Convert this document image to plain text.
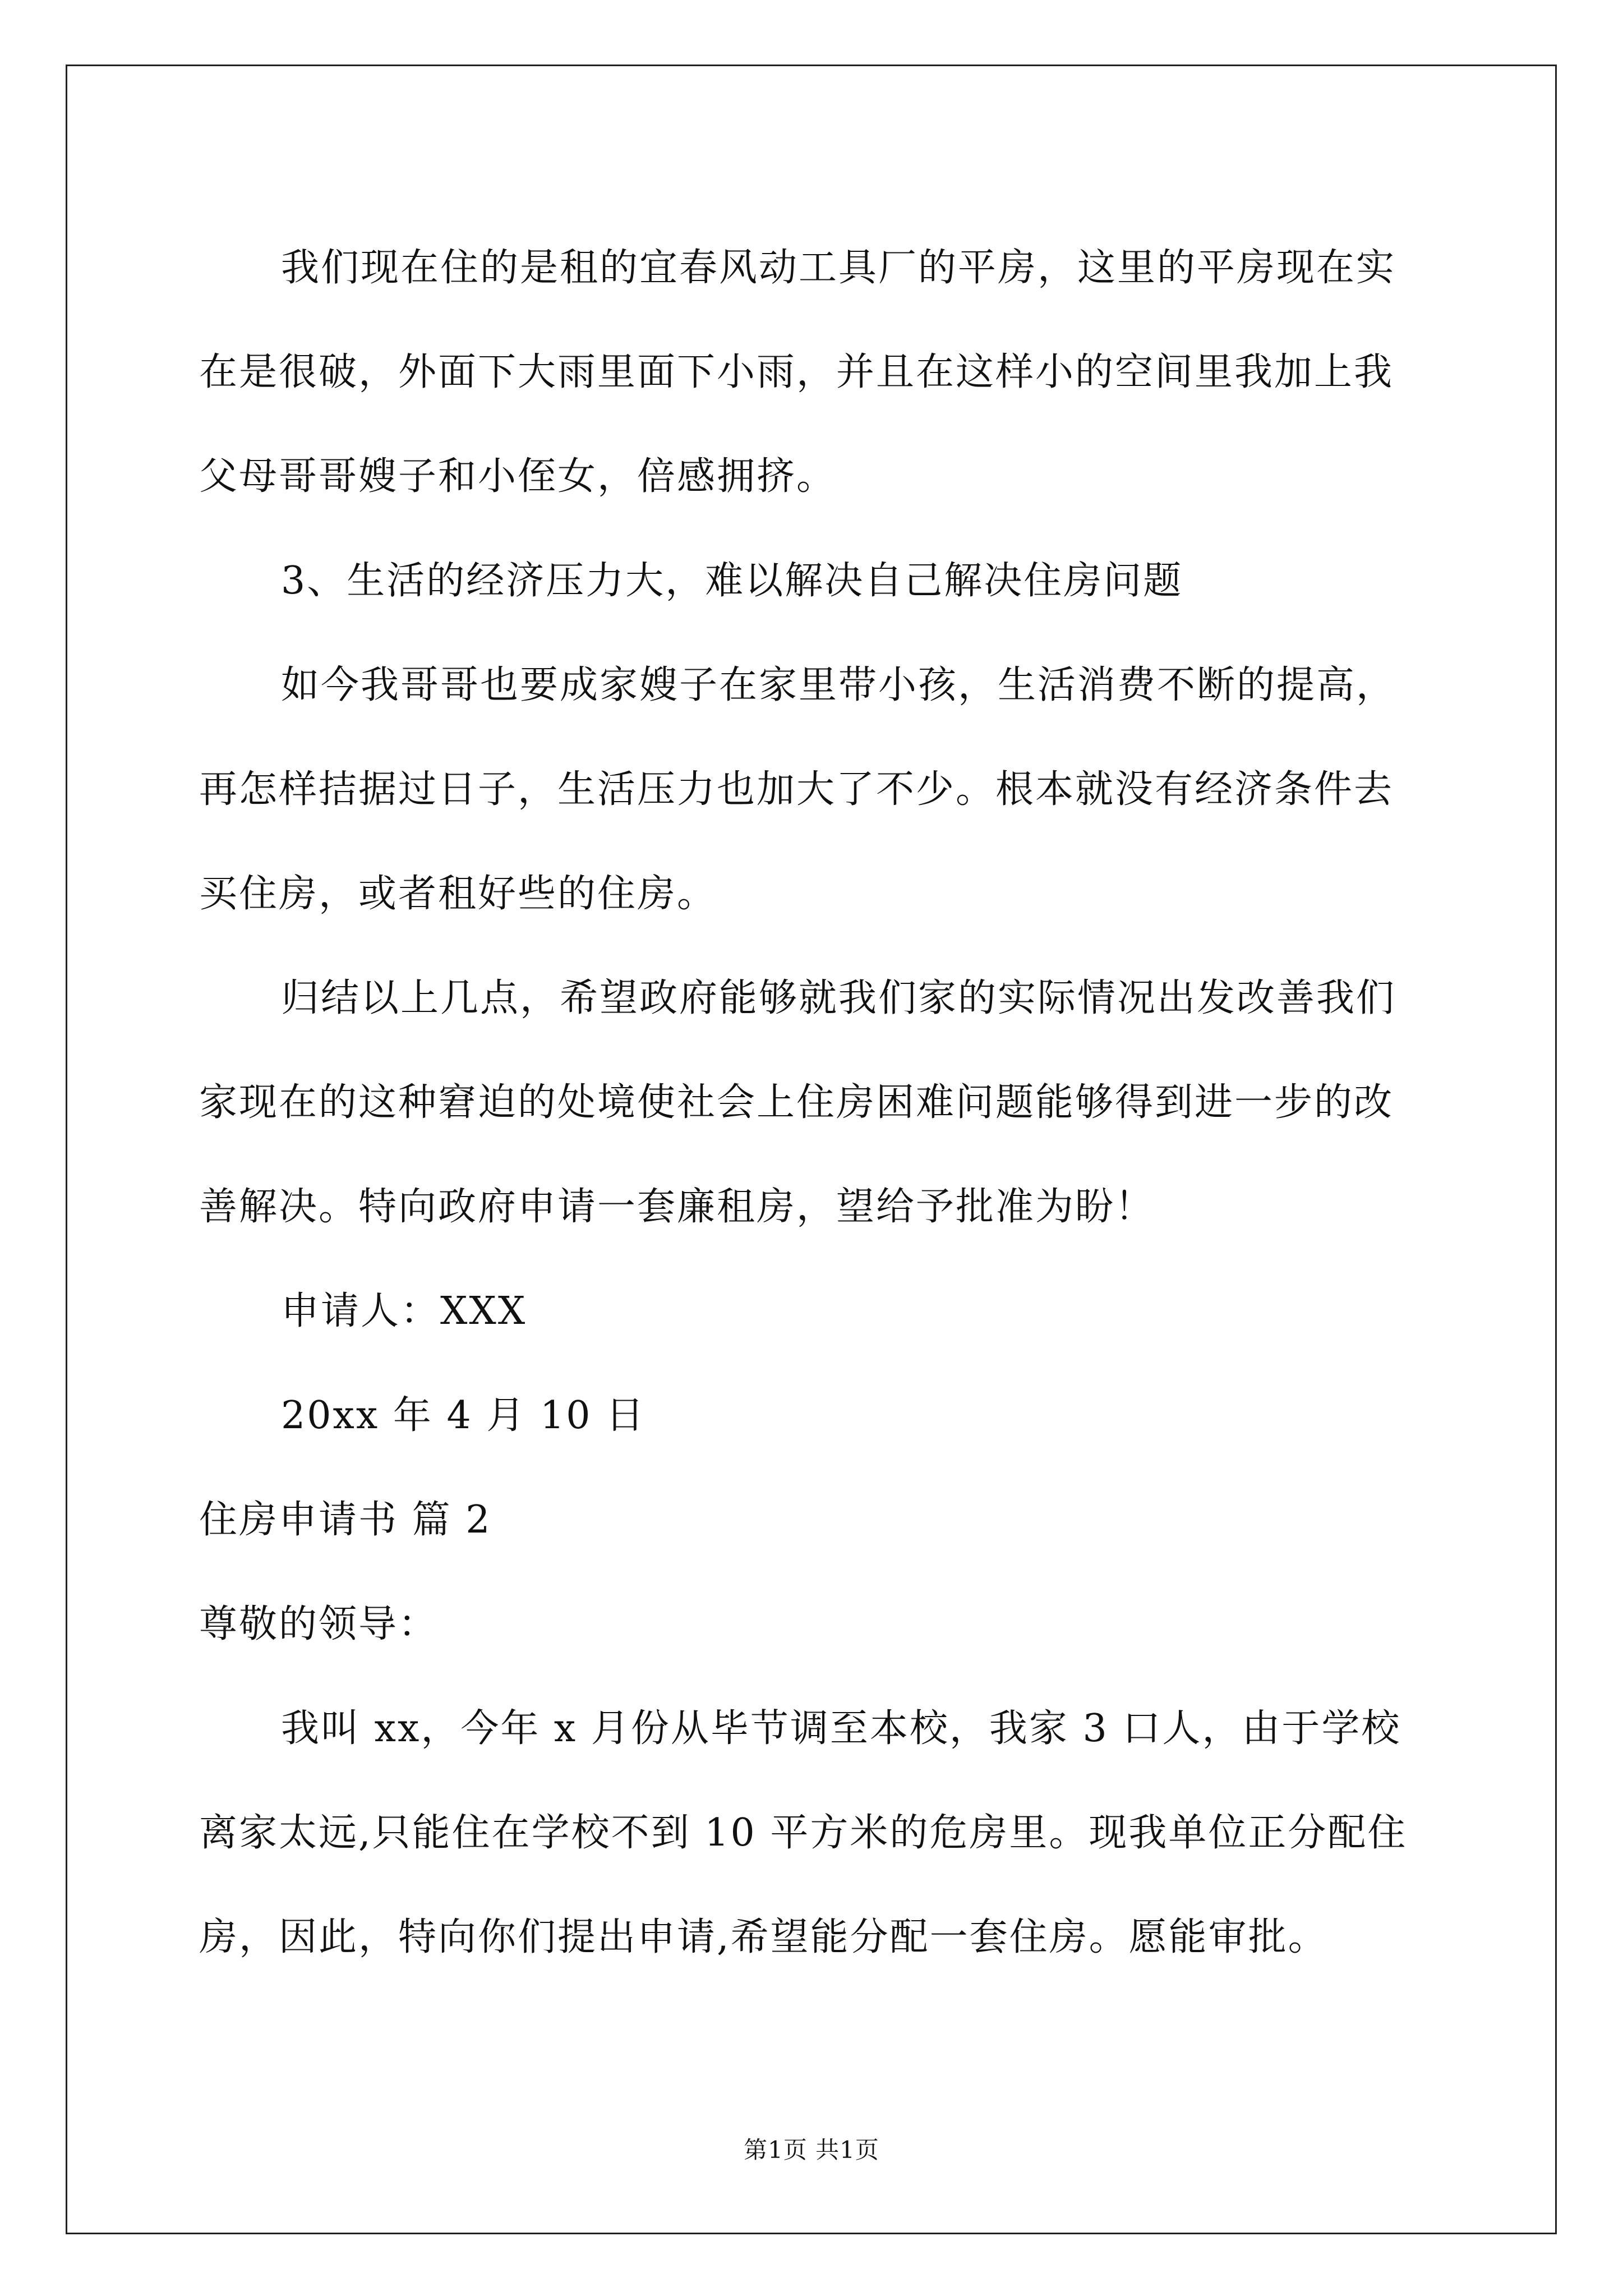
我们现在住的是租的宜春风动工具厂的平房，这里的平房现在实在是很破，外面下大雨里面下小雨，并且在这样小的空间里我加上我父母哥哥嫂子和小侄女，倍感拥挤。

3、生活的经济压力大，难以解决自己解决住房问题

如今我哥哥也要成家嫂子在家里带小孩，生活消费不断的提高，再怎样拮据过日子，生活压力也加大了不少。根本就没有经济条件去买住房，或者租好些的住房。

归结以上几点，希望政府能够就我们家的实际情况出发改善我们家现在的这种窘迫的处境使社会上住房困难问题能够得到进一步的改善解决。特向政府申请一套廉租房，望给予批准为盼！

申请人：XXX

20xx 年 4 月 10 日

住房申请书 篇 2

尊敬的领导：

我叫 xx，今年 x 月份从毕节调至本校，我家 3 口人，由于学校离家太远,只能住在学校不到 10 平方米的危房里。现我单位正分配住房，因此，特向你们提出申请,希望能分配一套住房。愿能审批。

第1页 共1页
